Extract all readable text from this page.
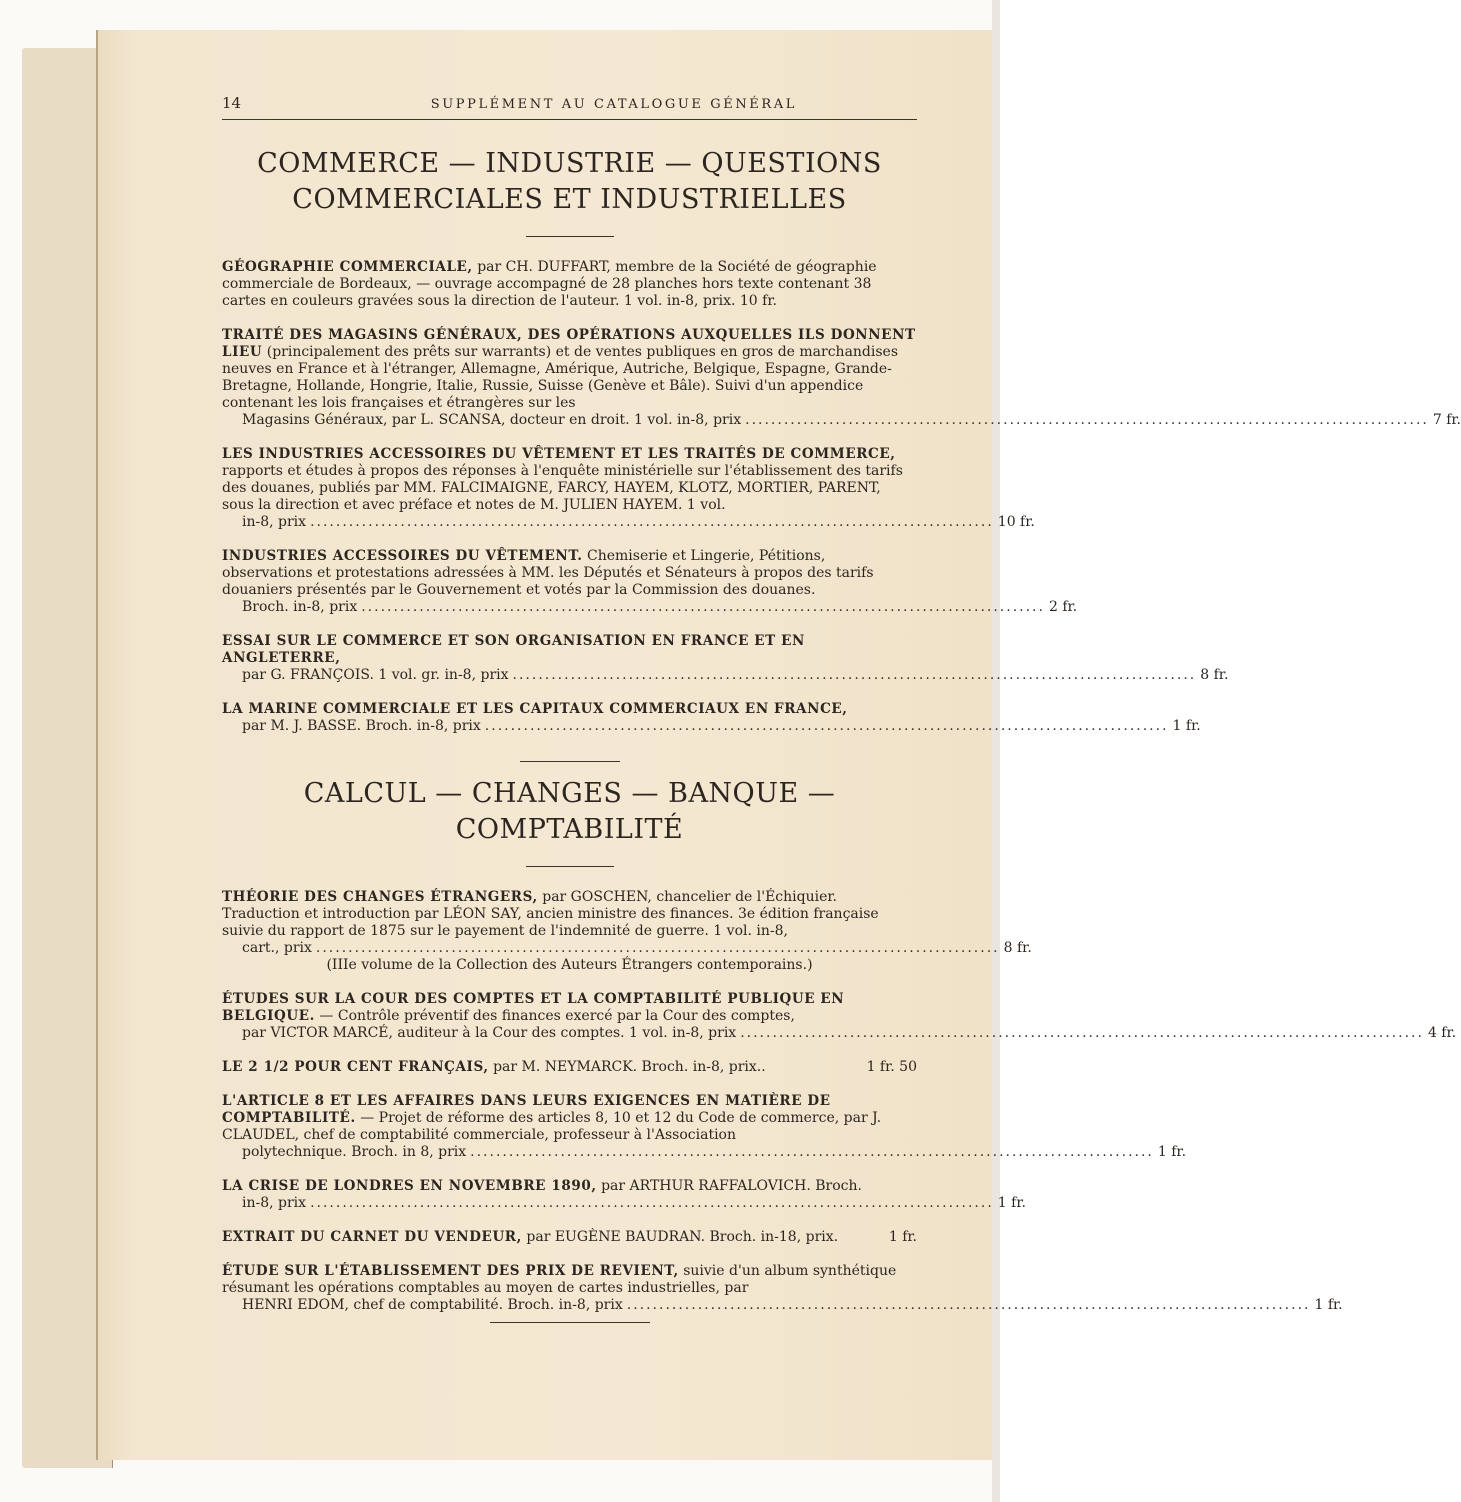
14	SUPPLÉMENT AU CATALOGUE GÉNÉRAL
COMMERCE — INDUSTRIE — QUESTIONS
COMMERCIALES ET INDUSTRIELLES

GÉOGRAPHIE COMMERCIALE, par CH. DUFFART, membre de la Société de géographie commerciale de Bordeaux, — ouvrage accompagné de 28 planches hors texte contenant 38 cartes en couleurs gravées sous la direction de l'auteur. 1 vol. in-8, prix. 10 fr.

TRAITÉ DES MAGASINS GÉNÉRAUX, DES OPÉRATIONS AUXQUELLES ILS DONNENT LIEU (principalement des prêts sur warrants) et de ventes publiques en gros de marchandises neuves en France et à l'étranger, Allemagne, Amérique, Autriche, Belgique, Espagne, Grande-Bretagne, Hollande, Hongrie, Italie, Russie, Suisse (Genève et Bâle). Suivi d'un appendice contenant les lois françaises et étrangères sur les

Magasins Généraux, par L. SCANSA, docteur en droit. 1 vol. in-8, prix .......................................................................................................... 7 fr.

LES INDUSTRIES ACCESSOIRES DU VÊTEMENT ET LES TRAITÉS DE COMMERCE, rapports et études à propos des réponses à l'enquête ministérielle sur l'établissement des tarifs des douanes, publiés par MM. FALCIMAIGNE, FARCY, HAYEM, KLOTZ, MORTIER, PARENT, sous la direction et avec préface et notes de M. JULIEN HAYEM. 1 vol.

in-8, prix .......................................................................................................... 10 fr.

INDUSTRIES ACCESSOIRES DU VÊTEMENT. Chemiserie et Lingerie, Pétitions, observations et protestations adressées à MM. les Députés et Sénateurs à propos des tarifs douaniers présentés par le Gouvernement et votés par la Commission des douanes.

Broch. in-8, prix .......................................................................................................... 2 fr.

ESSAI SUR LE COMMERCE ET SON ORGANISATION EN FRANCE ET EN ANGLETERRE,

par G. FRANÇOIS. 1 vol. gr. in-8, prix .......................................................................................................... 8 fr.

LA MARINE COMMERCIALE ET LES CAPITAUX COMMERCIAUX EN FRANCE,

par M. J. BASSE. Broch. in-8, prix .......................................................................................................... 1 fr.
CALCUL — CHANGES — BANQUE — COMPTABILITÉ

THÉORIE DES CHANGES ÉTRANGERS, par GOSCHEN, chancelier de l'Échiquier. Traduction et introduction par LÉON SAY, ancien ministre des finances. 3e édition française suivie du rapport de 1875 sur le payement de l'indemnité de guerre. 1 vol. in-8,

cart., prix .......................................................................................................... 8 fr.

(IIIe volume de la Collection des Auteurs Étrangers contemporains.)

ÉTUDES SUR LA COUR DES COMPTES ET LA COMPTABILITÉ PUBLIQUE EN BELGIQUE. — Contrôle préventif des finances exercé par la Cour des comptes,

par VICTOR MARCÉ, auditeur à la Cour des comptes. 1 vol. in-8, prix .......................................................................................................... 4 fr.
LE 2 1/2 POUR CENT FRANÇAIS, par M. NEYMARCK. Broch. in-8, prix..	1 fr. 50

L'ARTICLE 8 ET LES AFFAIRES DANS LEURS EXIGENCES EN MATIÈRE DE COMPTABILITÉ. — Projet de réforme des articles 8, 10 et 12 du Code de commerce, par J. CLAUDEL, chef de comptabilité commerciale, professeur à l'Association

polytechnique. Broch. in 8, prix .......................................................................................................... 1 fr.

LA CRISE DE LONDRES EN NOVEMBRE 1890, par ARTHUR RAFFALOVICH. Broch.

in-8, prix .......................................................................................................... 1 fr.
EXTRAIT DU CARNET DU VENDEUR, par EUGÈNE BAUDRAN. Broch. in-18, prix.	1 fr.

ÉTUDE SUR L'ÉTABLISSEMENT DES PRIX DE REVIENT, suivie d'un album synthétique résumant les opérations comptables au moyen de cartes industrielles, par

HENRI EDOM, chef de comptabilité. Broch. in-8, prix .......................................................................................................... 1 fr.
